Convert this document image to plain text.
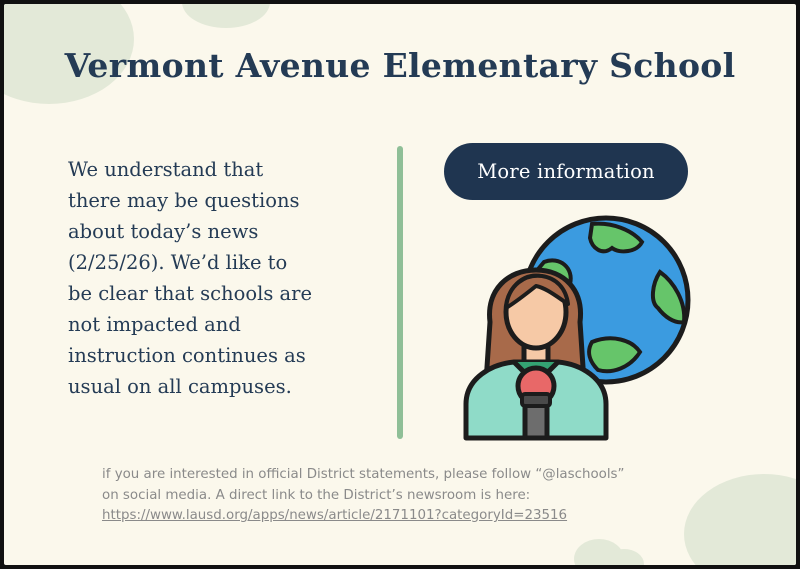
Vermont Avenue Elementary School
We understand that
there may be questions
about today’s news
(2/25/26). We’d like to
be clear that schools are
not impacted and
instruction continues as
usual on all campuses.
More information
if you are interested in official District statements, please follow “@laschools”
on social media. A direct link to the District’s newsroom is here:
https://www.lausd.org/apps/news/article/2171101?categoryId=23516
